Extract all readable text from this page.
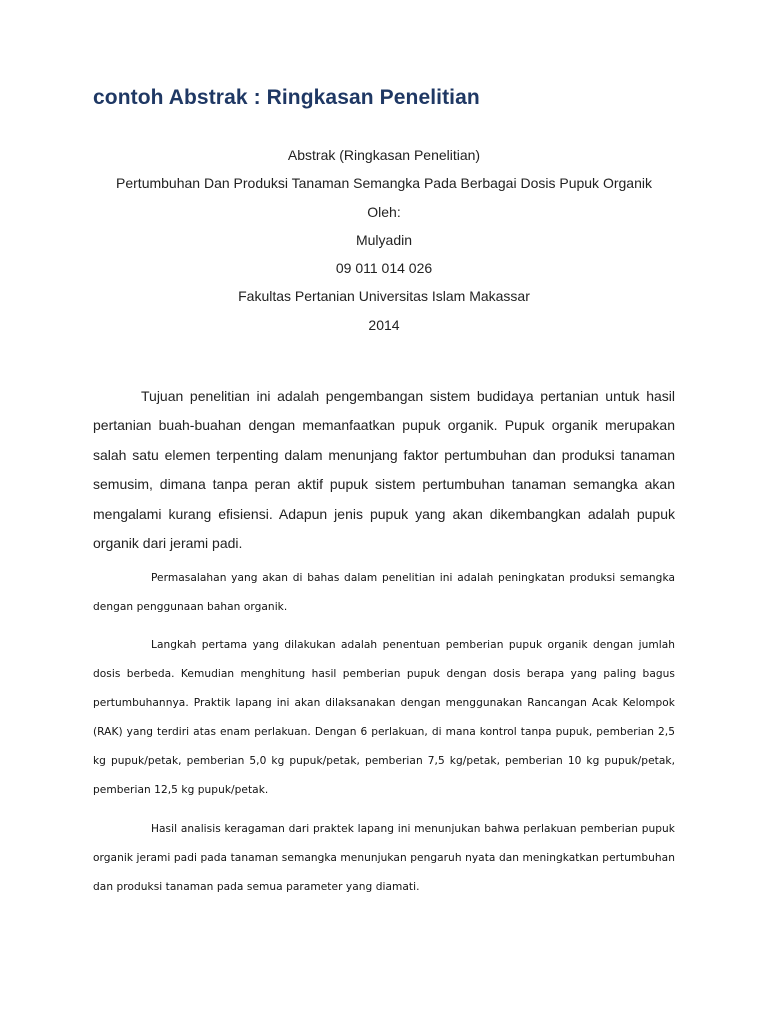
contoh Abstrak : Ringkasan Penelitian
Abstrak (Ringkasan Penelitian)
Pertumbuhan Dan Produksi Tanaman Semangka Pada Berbagai Dosis Pupuk Organik
Oleh:
Mulyadin
09 011 014 026
Fakultas Pertanian Universitas Islam Makassar
2014

Tujuan penelitian ini adalah pengembangan sistem budidaya pertanian untuk hasil pertanian buah-buahan dengan memanfaatkan pupuk organik. Pupuk organik merupakan salah satu elemen terpenting dalam menunjang faktor pertumbuhan dan produksi tanaman semusim, dimana tanpa peran aktif pupuk sistem pertumbuhan tanaman semangka akan mengalami kurang efisiensi. Adapun jenis pupuk yang akan dikembangkan adalah pupuk organik dari jerami padi.

Permasalahan yang akan di bahas dalam penelitian ini adalah peningkatan produksi semangka dengan penggunaan bahan organik.

Langkah pertama yang dilakukan adalah penentuan pemberian pupuk organik dengan jumlah dosis berbeda. Kemudian menghitung hasil pemberian pupuk dengan dosis berapa yang paling bagus pertumbuhannya. Praktik lapang ini akan dilaksanakan dengan menggunakan Rancangan Acak Kelompok (RAK) yang terdiri atas enam perlakuan. Dengan 6 perlakuan, di mana kontrol tanpa pupuk, pemberian 2,5 kg pupuk/petak, pemberian 5,0 kg pupuk/petak, pemberian 7,5 kg/petak, pemberian 10 kg pupuk/petak, pemberian 12,5 kg pupuk/petak.

Hasil analisis keragaman dari praktek lapang ini menunjukan bahwa perlakuan pemberian pupuk organik jerami padi pada tanaman semangka menunjukan pengaruh nyata dan meningkatkan pertumbuhan dan produksi tanaman pada semua parameter yang diamati.
